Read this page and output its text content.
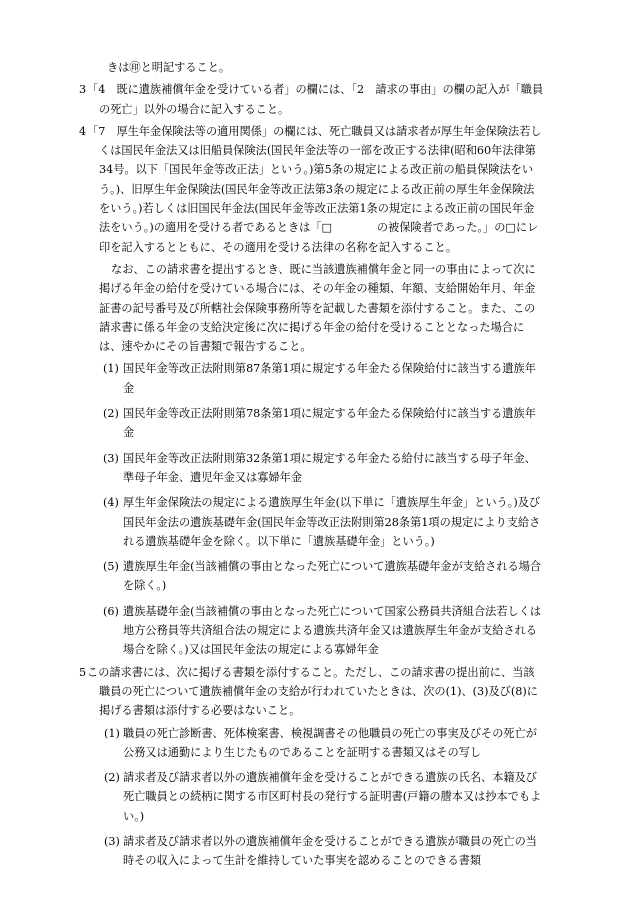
きは㊞と明記すること。

3「4　既に遺族補償年金を受けている者」の欄には、「2　請求の事由」の欄の記入が「職員の死亡」以外の場合に記入すること。

4「7　厚生年金保険法等の適用関係」の欄には、死亡職員又は請求者が厚生年金保険法若しくは国民年金法又は旧船員保険法(国民年金法等の一部を改正する法律(昭和60年法律第34号。以下「国民年金等改正法」という。)第5条の規定による改正前の船員保険法をいう。)、旧厚生年金保険法(国民年金等改正法第3条の規定による改正前の厚生年金保険法をいう。)若しくは旧国民年金法(国民年金等改正法第1条の規定による改正前の国民年金法をいう。)の適用を受ける者であるときは「□　　　　の被保険者であった。」の□にレ印を記入するとともに、その適用を受ける法律の名称を記入すること。

なお、この請求書を提出するとき、既に当該遺族補償年金と同一の事由によって次に掲げる年金の給付を受けている場合には、その年金の種類、年額、支給開始年月、年金証書の記号番号及び所轄社会保険事務所等を記載した書類を添付すること。また、この請求書に係る年金の支給決定後に次に掲げる年金の給付を受けることとなった場合には、速やかにその旨書類で報告すること。

(1) 国民年金等改正法附則第87条第1項に規定する年金たる保険給付に該当する遺族年金

(2) 国民年金等改正法附則第78条第1項に規定する年金たる保険給付に該当する遺族年金

(3) 国民年金等改正法附則第32条第1項に規定する年金たる給付に該当する母子年金、準母子年金、遺児年金又は寡婦年金

(4) 厚生年金保険法の規定による遺族厚生年金(以下単に「遺族厚生年金」という。)及び国民年金法の遺族基礎年金(国民年金等改正法附則第28条第1項の規定により支給される遺族基礎年金を除く。以下単に「遺族基礎年金」という。)

(5) 遺族厚生年金(当該補償の事由となった死亡について遺族基礎年金が支給される場合を除く。)

(6) 遺族基礎年金(当該補償の事由となった死亡について国家公務員共済組合法若しくは地方公務員等共済組合法の規定による遺族共済年金又は遺族厚生年金が支給される場合を除く。)又は国民年金法の規定による寡婦年金

5この請求書には、次に掲げる書類を添付すること。ただし、この請求書の提出前に、当該職員の死亡について遺族補償年金の支給が行われていたときは、次の(1)、(3)及び(8)に掲げる書類は添付する必要はないこと。

(1) 職員の死亡診断書、死体検案書、検視調書その他職員の死亡の事実及びその死亡が公務又は通勤により生じたものであることを証明する書類又はその写し

(2) 請求者及び請求者以外の遺族補償年金を受けることができる遺族の氏名、本籍及び死亡職員との続柄に関する市区町村長の発行する証明書(戸籍の謄本又は抄本でもよい。)

(3) 請求者及び請求者以外の遺族補償年金を受けることができる遺族が職員の死亡の当時その収入によって生計を維持していた事実を認めることのできる書類
